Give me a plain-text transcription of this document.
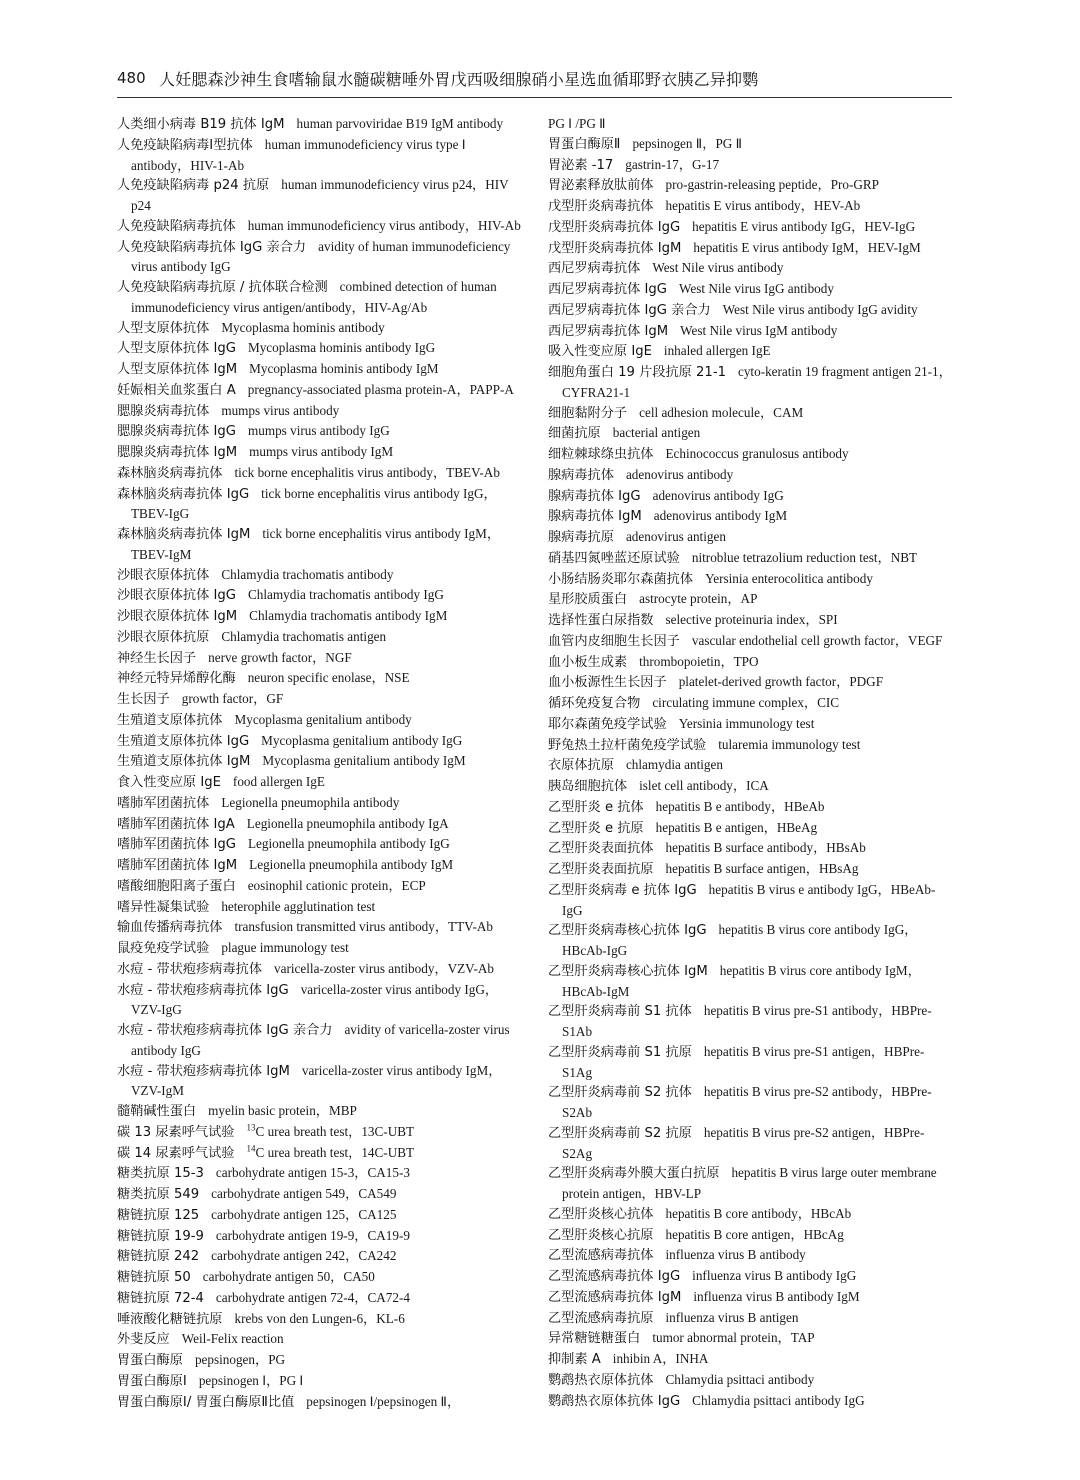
480 人妊腮森沙神生食嗜输鼠水髓碳糖唾外胃戊西吸细腺硝小星选血循耶野衣胰乙异抑鹦
人类细小病毒 B19 抗体 IgM human parvoviridae B19 IgM antibody
人免疫缺陷病毒Ⅰ型抗体 human immunodeficiency virus type Ⅰ antibody，HIV-1-Ab
人免疫缺陷病毒 p24 抗原 human immunodeficiency virus p24，HIV p24
人免疫缺陷病毒抗体 human immunodeficiency virus antibody，HIV-Ab
人免疫缺陷病毒抗体 IgG 亲合力 avidity of human immunodeficiency virus antibody IgG
人免疫缺陷病毒抗原 / 抗体联合检测 combined detection of human immunodeficiency virus antigen/antibody，HIV-Ag/Ab
人型支原体抗体 Mycoplasma hominis antibody
人型支原体抗体 IgG Mycoplasma hominis antibody IgG
人型支原体抗体 IgM Mycoplasma hominis antibody IgM
妊娠相关血浆蛋白 A pregnancy-associated plasma protein-A，PAPP-A
腮腺炎病毒抗体 mumps virus antibody
腮腺炎病毒抗体 IgG mumps virus antibody IgG
腮腺炎病毒抗体 IgM mumps virus antibody IgM
森林脑炎病毒抗体 tick borne encephalitis virus antibody，TBEV-Ab
森林脑炎病毒抗体 IgG tick borne encephalitis virus antibody IgG，TBEV-IgG
森林脑炎病毒抗体 IgM tick borne encephalitis virus antibody IgM，TBEV-IgM
沙眼衣原体抗体 Chlamydia trachomatis antibody
沙眼衣原体抗体 IgG Chlamydia trachomatis antibody IgG
沙眼衣原体抗体 IgM Chlamydia trachomatis antibody IgM
沙眼衣原体抗原 Chlamydia trachomatis antigen
神经生长因子 nerve growth factor，NGF
神经元特异烯醇化酶 neuron specific enolase，NSE
生长因子 growth factor，GF
生殖道支原体抗体 Mycoplasma genitalium antibody
生殖道支原体抗体 IgG Mycoplasma genitalium antibody IgG
生殖道支原体抗体 IgM Mycoplasma genitalium antibody IgM
食入性变应原 IgE food allergen IgE
嗜肺军团菌抗体 Legionella pneumophila antibody
嗜肺军团菌抗体 IgA Legionella pneumophila antibody IgA
嗜肺军团菌抗体 IgG Legionella pneumophila antibody IgG
嗜肺军团菌抗体 IgM Legionella pneumophila antibody IgM
嗜酸细胞阳离子蛋白 eosinophil cationic protein，ECP
嗜异性凝集试验 heterophile agglutination test
输血传播病毒抗体 transfusion transmitted virus antibody，TTV-Ab
鼠疫免疫学试验 plague immunology test
水痘 - 带状疱疹病毒抗体 varicella-zoster virus antibody，VZV-Ab
水痘 - 带状疱疹病毒抗体 IgG varicella-zoster virus antibody IgG，VZV-IgG
水痘 - 带状疱疹病毒抗体 IgG 亲合力 avidity of varicella-zoster virus antibody IgG
水痘 - 带状疱疹病毒抗体 IgM varicella-zoster virus antibody IgM，VZV-IgM
髓鞘碱性蛋白 myelin basic protein，MBP
碳 13 尿素呼气试验 $^{13}$C urea breath test，13C-UBT
碳 14 尿素呼气试验 $^{14}$C urea breath test，14C-UBT
糖类抗原 15-3 carbohydrate antigen 15-3，CA15-3
糖类抗原 549 carbohydrate antigen 549，CA549
糖链抗原 125 carbohydrate antigen 125，CA125
糖链抗原 19-9 carbohydrate antigen 19-9，CA19-9
糖链抗原 242 carbohydrate antigen 242，CA242
糖链抗原 50 carbohydrate antigen 50，CA50
糖链抗原 72-4 carbohydrate antigen 72-4，CA72-4
唾液酸化糖链抗原 krebs von den Lungen-6，KL-6
外斐反应 Weil-Felix reaction
胃蛋白酶原 pepsinogen，PG
胃蛋白酶原Ⅰ pepsinogen Ⅰ，PG Ⅰ
胃蛋白酶原Ⅰ/ 胃蛋白酶原Ⅱ比值 pepsinogen Ⅰ/pepsinogen Ⅱ，
PG Ⅰ /PG Ⅱ
胃蛋白酶原Ⅱ pepsinogen Ⅱ，PG Ⅱ
胃泌素 -17 gastrin-17，G-17
胃泌素释放肽前体 pro-gastrin-releasing peptide，Pro-GRP
戊型肝炎病毒抗体 hepatitis E virus antibody，HEV-Ab
戊型肝炎病毒抗体 IgG hepatitis E virus antibody IgG，HEV-IgG
戊型肝炎病毒抗体 IgM hepatitis E virus antibody IgM，HEV-IgM
西尼罗病毒抗体 West Nile virus antibody
西尼罗病毒抗体 IgG West Nile virus IgG antibody
西尼罗病毒抗体 IgG 亲合力 West Nile virus antibody IgG avidity
西尼罗病毒抗体 IgM West Nile virus IgM antibody
吸入性变应原 IgE inhaled allergen IgE
细胞角蛋白 19 片段抗原 21-1 cyto-keratin 19 fragment antigen 21-1，CYFRA21-1
细胞黏附分子 cell adhesion molecule，CAM
细菌抗原 bacterial antigen
细粒棘球绦虫抗体 Echinococcus granulosus antibody
腺病毒抗体 adenovirus antibody
腺病毒抗体 IgG adenovirus antibody IgG
腺病毒抗体 IgM adenovirus antibody IgM
腺病毒抗原 adenovirus antigen
硝基四氮唑蓝还原试验 nitroblue tetrazolium reduction test，NBT
小肠结肠炎耶尔森菌抗体 Yersinia enterocolitica antibody
星形胶质蛋白 astrocyte protein，AP
选择性蛋白尿指数 selective proteinuria index，SPI
血管内皮细胞生长因子 vascular endothelial cell growth factor，VEGF
血小板生成素 thrombopoietin，TPO
血小板源性生长因子 platelet-derived growth factor，PDGF
循环免疫复合物 circulating immune complex，CIC
耶尔森菌免疫学试验 Yersinia immunology test
野兔热土拉杆菌免疫学试验 tularemia immunology test
衣原体抗原 chlamydia antigen
胰岛细胞抗体 islet cell antibody，ICA
乙型肝炎 e 抗体 hepatitis B e antibody，HBeAb
乙型肝炎 e 抗原 hepatitis B e antigen，HBeAg
乙型肝炎表面抗体 hepatitis B surface antibody，HBsAb
乙型肝炎表面抗原 hepatitis B surface antigen，HBsAg
乙型肝炎病毒 e 抗体 IgG hepatitis B virus e antibody IgG，HBeAb-IgG
乙型肝炎病毒核心抗体 IgG hepatitis B virus core antibody IgG，HBcAb-IgG
乙型肝炎病毒核心抗体 IgM hepatitis B virus core antibody IgM，HBcAb-IgM
乙型肝炎病毒前 S1 抗体 hepatitis B virus pre-S1 antibody，HBPre-S1Ab
乙型肝炎病毒前 S1 抗原 hepatitis B virus pre-S1 antigen，HBPre-S1Ag
乙型肝炎病毒前 S2 抗体 hepatitis B virus pre-S2 antibody，HBPre-S2Ab
乙型肝炎病毒前 S2 抗原 hepatitis B virus pre-S2 antigen，HBPre-S2Ag
乙型肝炎病毒外膜大蛋白抗原 hepatitis B virus large outer membrane protein antigen，HBV-LP
乙型肝炎核心抗体 hepatitis B core antibody，HBcAb
乙型肝炎核心抗原 hepatitis B core antigen，HBcAg
乙型流感病毒抗体 influenza virus B antibody
乙型流感病毒抗体 IgG influenza virus B antibody IgG
乙型流感病毒抗体 IgM influenza virus B antibody IgM
乙型流感病毒抗原 influenza virus B antigen
异常糖链糖蛋白 tumor abnormal protein，TAP
抑制素 A inhibin A，INHA
鹦鹉热衣原体抗体 Chlamydia psittaci antibody
鹦鹉热衣原体抗体 IgG Chlamydia psittaci antibody IgG
